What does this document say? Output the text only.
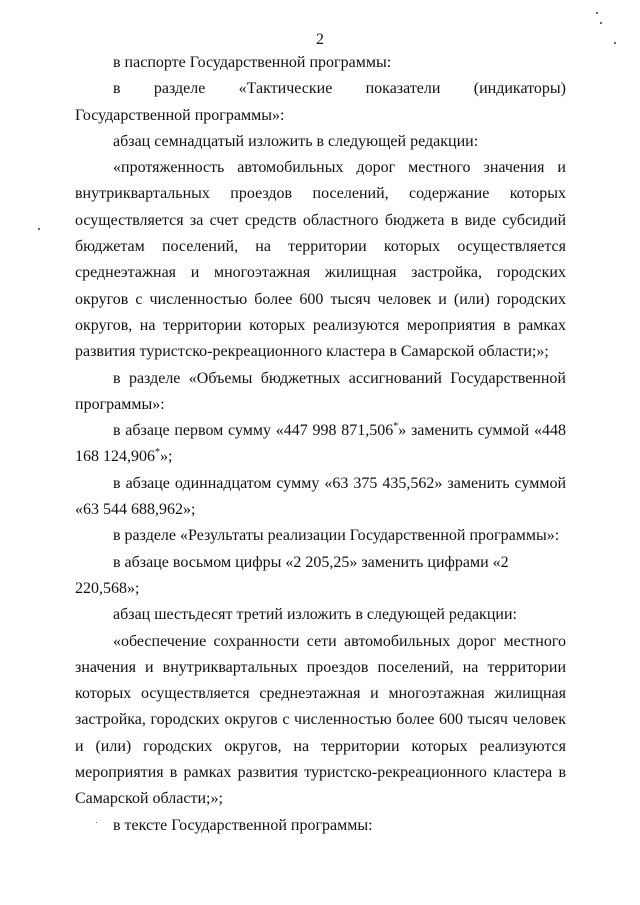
2

в паспорте Государственной программы:

в разделе «Тактические показатели (индикаторы) Государственной программы»:

абзац семнадцатый изложить в следующей редакции:

«протяженность автомобильных дорог местного значения и внутриквартальных проездов поселений, содержание которых осуществляется за счет средств областного бюджета в виде субсидий бюджетам поселений, на территории которых осуществляется среднеэтажная и многоэтажная жилищная застройка, городских округов с численностью более 600 тысяч человек и (или) городских округов, на территории которых реализуются мероприятия в рамках развития туристско-рекреационного кластера в Самарской области;»;

в разделе «Объемы бюджетных ассигнований Государственной программы»:

в абзаце первом сумму «447 998 871,506*» заменить суммой «448 168 124,906*»;

в абзаце одиннадцатом сумму «63 375 435,562» заменить суммой «63 544 688,962»;

в разделе «Результаты реализации Государственной программы»:

в абзаце восьмом цифры «2 205,25» заменить цифрами «2 220,568»;

абзац шестьдесят третий изложить в следующей редакции:

«обеспечение сохранности сети автомобильных дорог местного значения и внутриквартальных проездов поселений, на территории которых осуществляется среднеэтажная и многоэтажная жилищная застройка, городских округов с численностью более 600 тысяч человек и (или) городских округов, на территории которых реализуются мероприятия в рамках развития туристско-рекреационного кластера в Самарской области;»;

в тексте Государственной программы:
